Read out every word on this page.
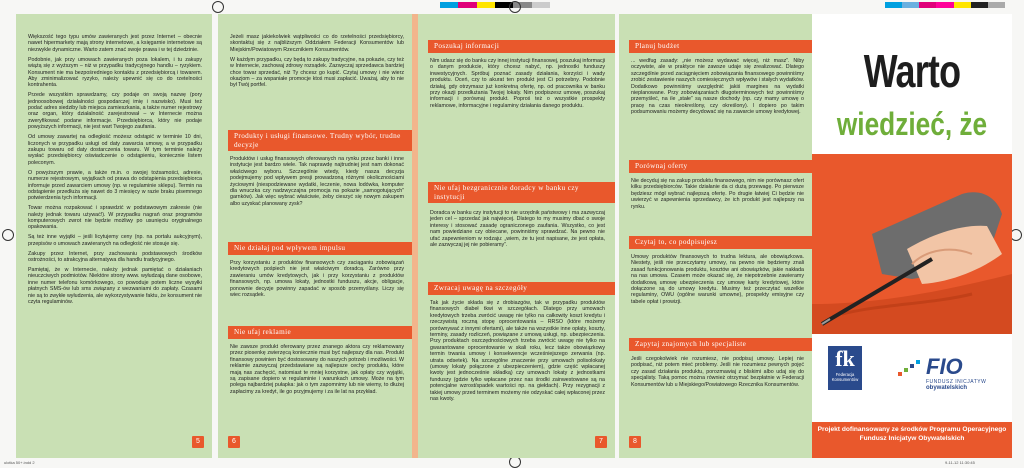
Większość tego typu umów zawieranych jest przez Internet – obecnie nawet hipermarkety mają strony internetowe, a księgarnie internetowe są niezwykle dynamiczne. Warto zatem znać swoje prawa i w tej dziedzinie.

Podobnie, jak przy umowach zawieranych poza lokalem, i tu zakupy wiążą się z wyższym – niż w przypadku tradycyjnego handlu – ryzykiem. Konsument nie ma bezpośredniego kontaktu z przedsiębiorcą i towarem. Aby zminimalizować ryzyko, należy upewnić się co do rzetelności kontrahenta.

Przede wszystkim sprawdzamy, czy podaje on swoją nazwę (pory jednoosobowej działalności gospodarczej imię i nazwisko). Musi też podać adres siedziby lub miejsca zamieszkania, a także numer rejestrowy oraz organ, który działalność zarejestrował – w Internecie można zweryfikować podane informacje. Przedsiębiorca, który nie podaje powyższych informacji, nie jest wart Twojego zaufania.

Od umowy zawartej na odległość możesz odstąpić w terminie 10 dni, liczonych w przypadku usługi od daty zawarcia umowy, a w przypadku zakupu towaru od daty dostarczenia towaru. W tym terminie należy wysłać przedsiębiorcy oświadczenie o odstąpieniu, koniecznie listem poleconym.

O powyższym prawie, a także m.in. o swojej tożsamości, adresie, numerze rejestrowym, wyjątkach od prawa do odstąpienia przedsiębiorca informuje przed zawarciem umowy (np. w regulaminie sklepu). Termin na odstąpienie przedłuża się nawet do 3 miesięcy w razie braku pisemnego potwierdzenia tych informacji.

Towar można rozpakować i sprawdzić w podstawowym zakresie (nie należy jednak towaru używać!). W przypadku nagrań oraz programów komputerowych zwrot nie będzie możliwy po usunięciu oryginalnego opakowania.

Są też inne wyjątki – jeśli licytujemy ceny (np. na portalu aukcyjnym), przepisów o umowach zawieranych na odległość nie stosuje się.

Zakupy przez Internet, przy zachowaniu podstawowych środków ostrożności, to atrakcyjna alternatywa dla handlu tradycyjnego.

Pamiętaj, że w Internecie, należy jednak pamiętać o działaniach nieuczciwych podmiotów. Niektóre strony www. wyłudzają dane osobowe, inne numer telefonu komórkowego, co powoduje potem liczne wysyłki płatnych SMS-ów lub sms związany z wezwaniami do zapłaty. Czasami nie są to zwykłe wyłudzenia, ale wykorzystywanie faktu, że konsument nie czyta regulaminów.

5

Jeżeli masz jakiekolwiek wątpliwości co do rzetelności przedsiębiorcy, skontaktuj się z najbliższym Oddziałem Federacji Konsumentów lub Miejskim/Powiatowym Rzecznikiem Konsumentów.

W każdym przypadku, czy będą to zakupy tradycyjne, na pokazie, czy też w Internecie, zachowaj zdrowy rozsądek. Zazwyczaj sprzedawca bardziej chce towar sprzedać, niż Ty chcesz go kupić. Czytaj umowy i nie wierz okazjom – za wspaniałe promocje ktoś musi zapłacić. Uważaj, aby to nie był Twój portfel.

Produkty i usługi finansowe. Trudny wybór, trudne decyzje

Produktów i usług finansowych oferowanych na rynku przez banki i inne instytucje jest bardzo wiele. Tak naprawdę najtrudniej jest nam dokonać właściwego wyboru. Szczególnie wtedy, kiedy nasza decyzja podejmujemy pod wpływem presji prowadzoną różnymi okolicznościami życiowymi (niespodziewane wydatki, leczenie, nowa lodówka, komputer dla wnuczka czy nadzwyczajna promocja na pokazie „samogotujących” garnków). Jak więc wybrać właściwie, żeby cieszyć się nowym zakupem albo uzyskać planowany zysk?

Nie działaj pod wpływem impulsu

Przy korzystaniu z produktów finansowych czy zaciąganiu zobowiązań kredytowych pośpiech nie jest właściwym doradcą. Zarówno przy zawieraniu umów kredytowych, jak i przy korzystaniu z produktów finansowych, np. umowa lokaty, jednostki funduszu, akcje, obligacje, ponownie decyzje powinny zapadać w sposób przemyślany. Liczy się wiec rozsądek.

Nie ufaj reklamie

Nie zawsze produkt oferowany przez znanego aktora czy reklamowany przez piosenkę zwierzęcą koniecznie musi być najlepszy dla nas. Produkt finansowy powinien być dostosowany do naszych potrzeb i możliwości. W reklamie zazwyczaj przedstawiane są najlepsze cechy produktu, które mają nas zachęcić, natomiast te mniej korzystne, jak opłaty czy wyjątki, są zapisane dopiero w regulaminie i warunkach umowy. Może na tym polega najbardziej pułapka: jak o tym zapomnimy lub nie wiemy, to dłużej zapłacimy za kredyt, ile go przyjmujemy i za ile lat na przykład.

6
Poszukaj informacji

Nim udasz się do banku czy innej instytucji finansowej, poszukaj informacji o danym produkcie, który chcesz nabyć, np. jednostki funduszy inwestycyjnych. Spróbuj poznać zasady działania, korzyści i wady produktu. Oceń, czy to akurat ten produkt jest Ci potrzebny. Podobnie działaj, gdy otrzymasz już konkretną ofertę, np. od pracownika w banku przy okazji przedłużania Twojej lokaty. Nim podpiszesz umowę, poszukaj informacji i porównaj produkt. Poproś też o wszystkie prospekty reklamowe, informacyjne i regulaminy działania danego produktu.

Nie ufaj bezgranicznie doradcy w banku czy instytucji

Doradca w banku czy instytucji to nie urzędnik państwowy i ma zazwyczaj jeden cel – sprzedać jak najwięcej. Dlatego to my musimy dbać o swoje interesy i stosować zasadę ograniczonego zaufania. Wszystko, co jest nam powiedziane czy obiecane, powinniśmy sprawdzać. Na pewno nie ufać zapewnieniom w rodzaju: „wiem, że tu jest napisane, że jest opłata, ale zazwyczaj jej nie pobieramy”.

Zwracaj uwagę na szczegóły

Tak jak życie składa się z drobiazgów, tak w przypadku produktów finansowych diabeł tkwi w szczegółach. Dlatego przy umowach kredytowych trzeba zwrócić uwagę nie tylko na całkowity koszt kredytu i rzeczywistą roczną stopę oprocentowania – RRSO (które możemy porównywać z innymi ofertami), ale także na wszystkie inne opłaty, koszty, terminy, zasady rozliczeń, powiązane z umową usługi, np. ubezpieczenia. Przy produktach oszczędnościowych trzeba zwrócić uwagę nie tylko na gwarantowane oprocentowanie w skali roku, lecz także obowiązkowy termin trwania umowy i konsekwencje wcześniejszego zerwania (np. utrata odsetek). Na szczególne znaczenie przy umowach polisolokaty (umowy lokaty połączone z ubezpieczeniem), gdzie część wpłacanej kwoty jest jednocześnie składką) czy umowach lokaty z jednostkami funduszy (gdzie tylko wpłacane przez nas środki zainwestowane są na potencjalne wzrost/spadek wartości np. na giełdach). Przy rezygnacji z takiej umowy przed terminem możemy nie odzyskać całej wpłaconej przez nas kwoty.

7
Planuj budżet

... wedfug zasady: „nie możesz wydawać więcej, niż masz”. Niby oczywiste, ale w praktyce nie zawsze udaje się zrealizować. Dlatego szczególnie przed zaciągnięciem zobowiązania finansowego powinniśmy zrobić zestawienie naszych comiesięcznych wpływów i stałych wydatków. Dodatkowo powinniśmy uwzględnić jakiś margines na wydatki nieplanowane. Przy zobowiązaniach długoterminowych też powinniśmy przemyśleć, na ile „stałe” są nasze dochody (np. czy mamy umowę o pracę na czas nieokreślony, czy określony). I dopiero po takim podsumowaniu możemy decydować się na zawarcie umowy kredytowej.

Porównaj oferty

Nie decyduj się na zakup produktu finansowego, nim nie porównasz ofert kilku przedsiębiorców. Takie działanie da ci dużą przewagę. Po pierwsze będziesz mógł wybrać najlepszą ofertę. Po drugie łatwiej Ci będzie nie uwierzyć w zapewnienia sprzedawcy, że ich produkt jest najlepszy na rynku.

Czytaj to, co podpisujesz

Umowy produktów finansowych to trudna lektura, ale obowiązkowa. Niestety, jeśli nie przeczytamy umowy, na pewno nie będziemy znali zasad funkcjonowania produktu, kosztów ani obowiązków, jakie nakłada na nas umowa. Czasem może okazać się, że niepotrzebnie zawieramy dodatkową umowę ubezpieczenia czy umowę karty kredytowej, które dołączone są do umowy kredytu. Musimy też przeczytać wszelkie regulaminy, OWU (ogólne warunki umowne), prospekty emisyjne czy tabele opłat i prowizji.

Zapytaj znajomych lub specjaliste

Jeśli czegokolwiek nie rozumiesz, nie podpisuj umowy. Lepiej nie podpisać, niż potem mieć problemy. Jeśli nie rozumiesz pewnych pojęć czy zasad działania produktu, porozmawiaj z bliskimi albo udaj się do specjalisty. Taką pomoc można również otrzymać bezpłatnie w Federacji Konsumentów lub u Miejskiego/Powiatowego Rzecznika Konsumentów.

8
Warto
wiedzieć, że
fk
Federacja Konsumentów
FIO
FUNDUSZ INICJATYW
obywatelskich
Projekt dofinansowany ze środków Programu Operacyjnego Fundusz Inicjatyw Obywatelskich
ulotka 50+.indd 2	9-11-12 11:30:45
